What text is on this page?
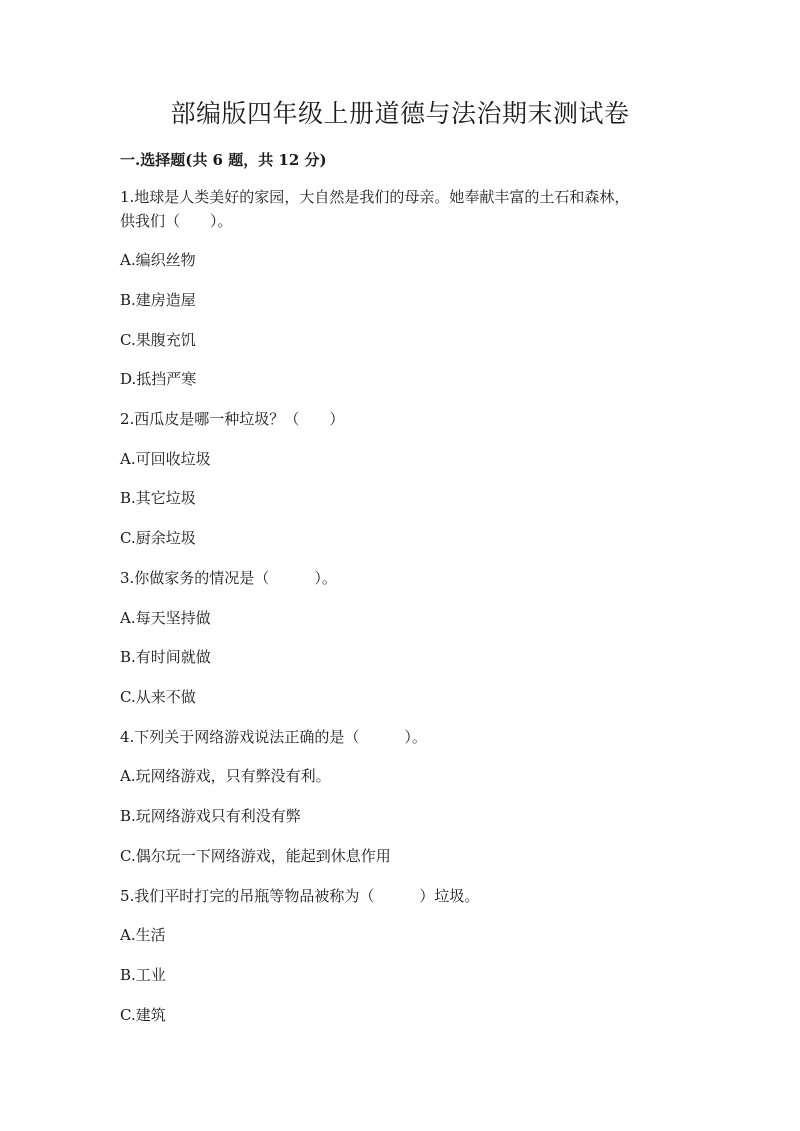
部编版四年级上册道德与法治期末测试卷
一.选择题(共 6 题，共 12 分)
1.地球是人类美好的家园，大自然是我们的母亲。她奉献丰富的土石和森林，
供我们（　　）。
A.编织丝物
B.建房造屋
C.果腹充饥
D.抵挡严寒
2.西瓜皮是哪一种垃圾？（　　）
A.可回收垃圾
B.其它垃圾
C.厨余垃圾
3.你做家务的情况是（　　　）。
A.每天坚持做
B.有时间就做
C.从来不做
4.下列关于网络游戏说法正确的是（　　　）。
A.玩网络游戏，只有弊没有利。
B.玩网络游戏只有利没有弊
C.偶尔玩一下网络游戏，能起到休息作用
5.我们平时打完的吊瓶等物品被称为（　　　）垃圾。
A.生活
B.工业
C.建筑
